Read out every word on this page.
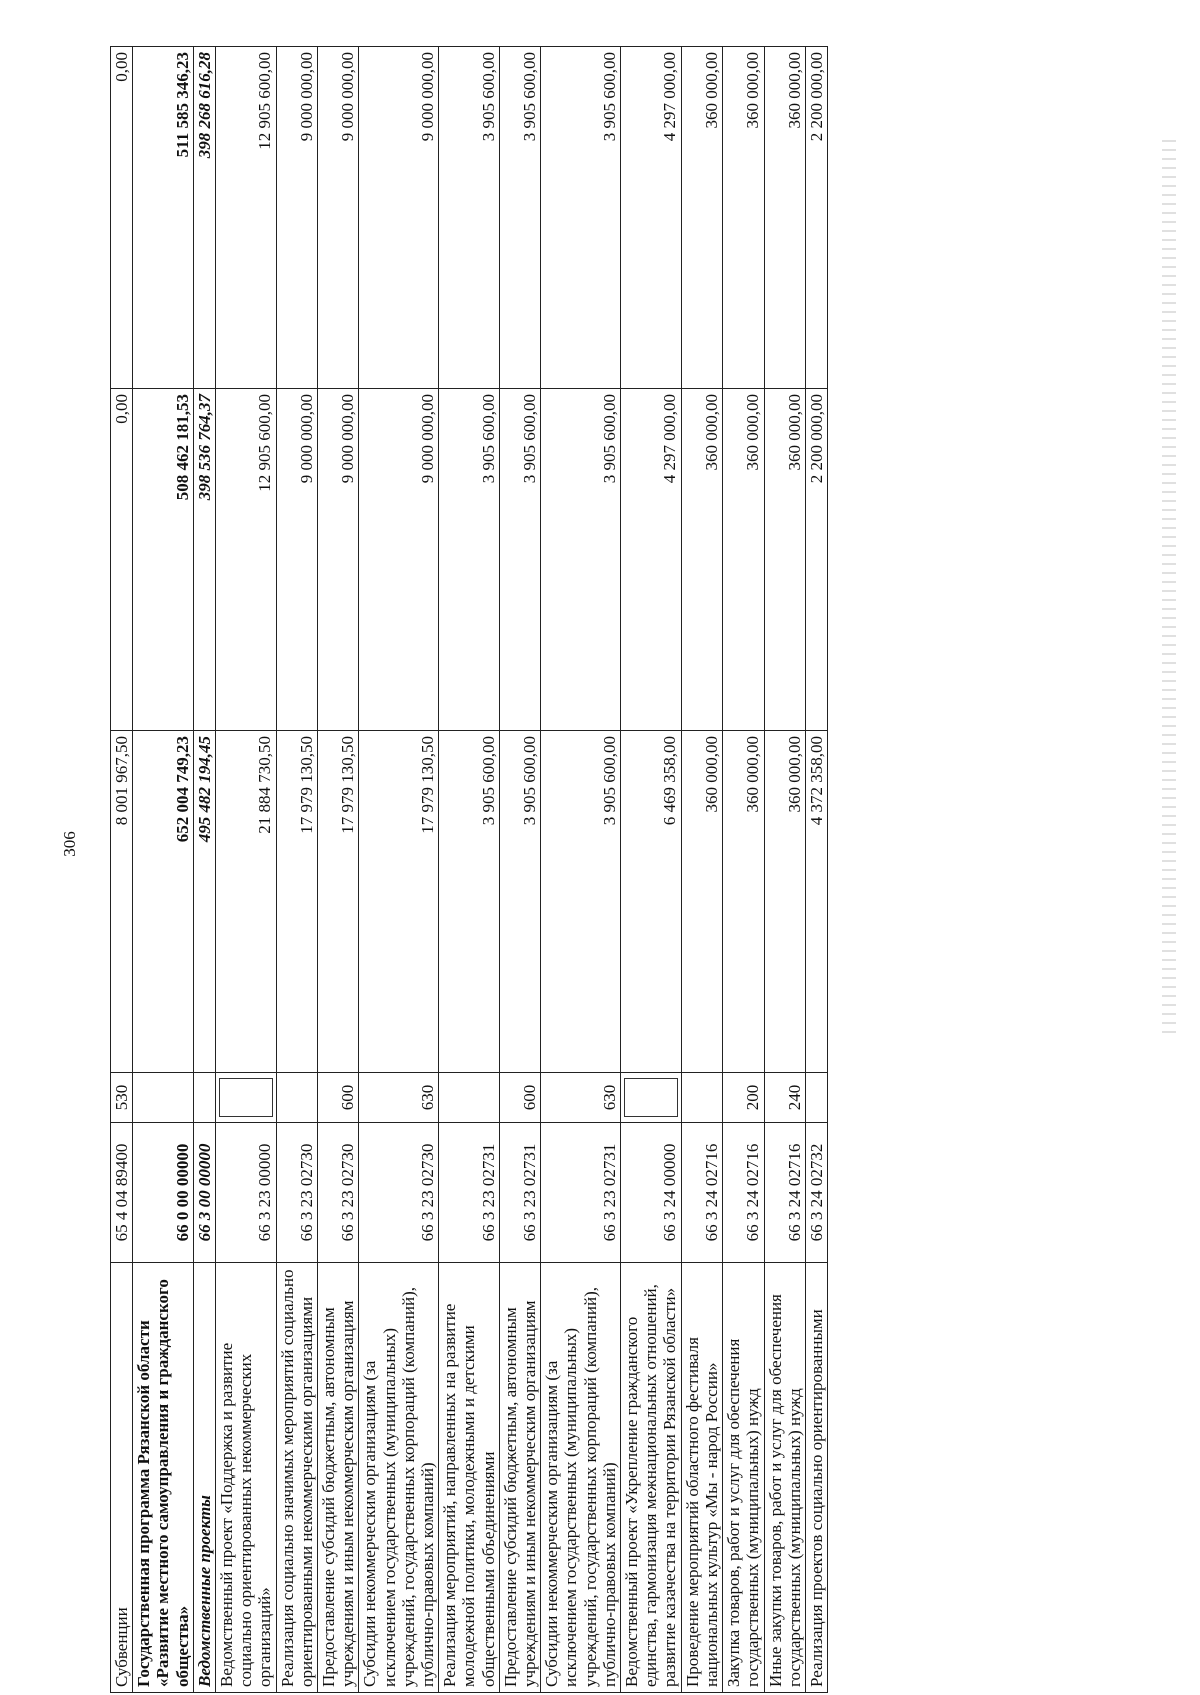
306
Субвенции	65 4 04 89400	530	8 001 967,50	0,00	0,00
Государственная программа Рязанской области «Развитие местного самоуправления и гражданского общества»	66 0 00 00000		652 004 749,23	508 462 181,53	511 585 346,23
Ведомственные проекты	66 3 00 00000		495 482 194,45	398 536 764,37	398 268 616,28
Ведомственный проект «Поддержка и развитие социально ориентированных некоммерческих организаций»	66 3 23 00000		21 884 730,50	12 905 600,00	12 905 600,00
Реализация социально значимых мероприятий социально ориентированными некоммерческими организациями	66 3 23 02730		17 979 130,50	9 000 000,00	9 000 000,00
Предоставление субсидий бюджетным, автономным учреждениям и иным некоммерческим организациям	66 3 23 02730	600	17 979 130,50	9 000 000,00	9 000 000,00
Субсидии некоммерческим организациям (за исключением государственных (муниципальных) учреждений, государственных корпораций (компаний), публично-правовых компаний)	66 3 23 02730	630	17 979 130,50	9 000 000,00	9 000 000,00
Реализация мероприятий, направленных на развитие молодежной политики, молодежными и детскими общественными объединениями	66 3 23 02731		3 905 600,00	3 905 600,00	3 905 600,00
Предоставление субсидий бюджетным, автономным учреждениям и иным некоммерческим организациям	66 3 23 02731	600	3 905 600,00	3 905 600,00	3 905 600,00
Субсидии некоммерческим организациям (за исключением государственных (муниципальных) учреждений, государственных корпораций (компаний), публично-правовых компаний)	66 3 23 02731	630	3 905 600,00	3 905 600,00	3 905 600,00
Ведомственный проект «Укрепление гражданского единства, гармонизация межнациональных отношений, развитие казачества на территории Рязанской области»	66 3 24 00000		6 469 358,00	4 297 000,00	4 297 000,00
Проведение мероприятий областного фестиваля национальных культур «Мы - народ России»	66 3 24 02716		360 000,00	360 000,00	360 000,00
Закупка товаров, работ и услуг для обеспечения государственных (муниципальных) нужд	66 3 24 02716	200	360 000,00	360 000,00	360 000,00
Иные закупки товаров, работ и услуг для обеспечения государственных (муниципальных) нужд	66 3 24 02716	240	360 000,00	360 000,00	360 000,00
Реализация проектов социально ориентированными	66 3 24 02732		4 372 358,00	2 200 000,00	2 200 000,00
